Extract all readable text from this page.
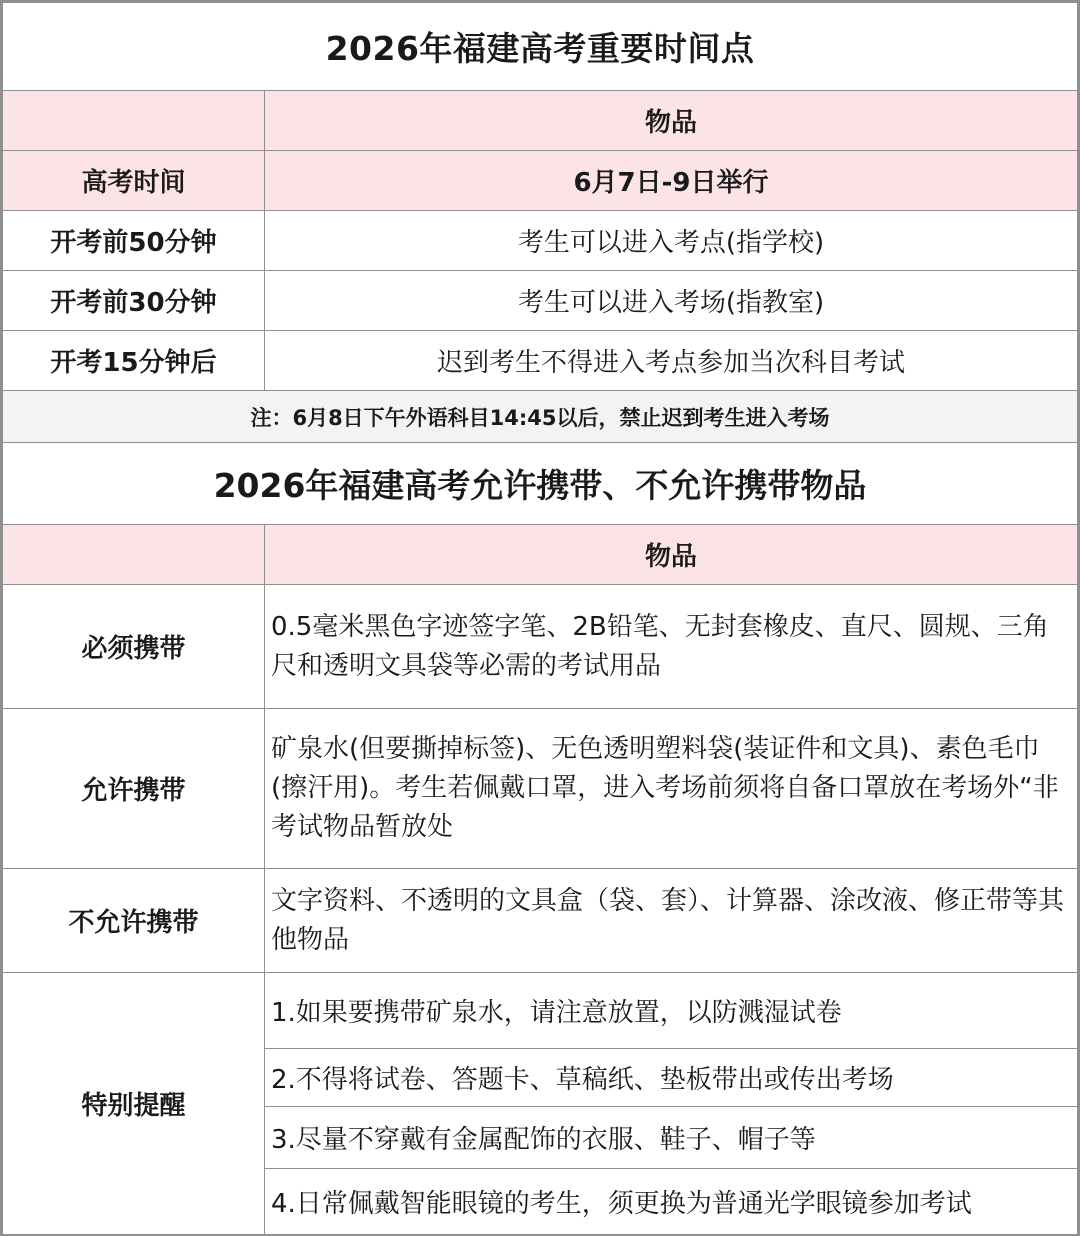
2026年福建高考重要时间点	
	物品
高考时间	6月7日-9日举行
开考前50分钟	考生可以进入考点(指学校)
开考前30分钟	考生可以进入考场(指教室)
开考15分钟后	迟到考生不得进入考点参加当次科目考试
注：6月8日下午外语科目14:45以后，禁止迟到考生进入考场	
2026年福建高考允许携带、不允许携带物品	
	物品
必须携带	0.5毫米黑色字迹签字笔、2B铅笔、无封套橡皮、直尺、圆规、三角尺和透明文具袋等必需的考试用品
允许携带	矿泉水(但要撕掉标签)、无色透明塑料袋(装证件和文具)、素色毛巾(擦汗用)。考生若佩戴口罩，进入考场前须将自备口罩放在考场外“非考试物品暂放处
不允许携带	文字资料、不透明的文具盒（袋、套）、计算器、涂改液、修正带等其他物品
特别提醒	1.如果要携带矿泉水，请注意放置，以防溅湿试卷
	2.不得将试卷、答题卡、草稿纸、垫板带出或传出考场
	3.尽量不穿戴有金属配饰的衣服、鞋子、帽子等
	4.日常佩戴智能眼镜的考生，须更换为普通光学眼镜参加考试
